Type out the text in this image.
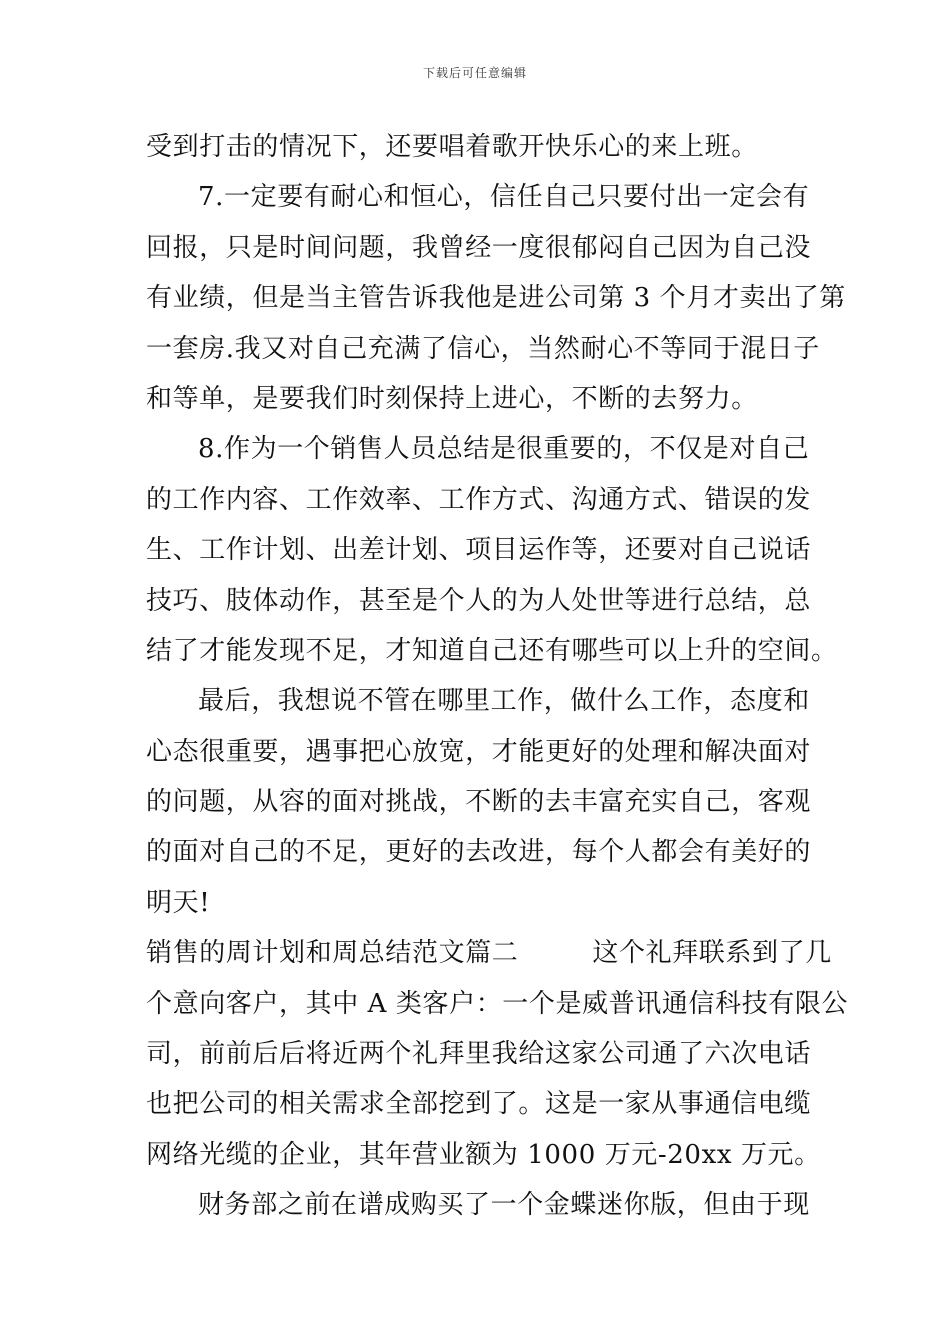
下载后可任意编辑
受到打击的情况下，还要唱着歌开快乐心的来上班。
7.一定要有耐心和恒心，信任自己只要付出一定会有
回报，只是时间问题，我曾经一度很郁闷自己因为自己没
有业绩，但是当主管告诉我他是进公司第 3 个月才卖出了第
一套房.我又对自己充满了信心，当然耐心不等同于混日子
和等单，是要我们时刻保持上进心，不断的去努力。
8.作为一个销售人员总结是很重要的，不仅是对自己
的工作内容、工作效率、工作方式、沟通方式、错误的发
生、工作计划、出差计划、项目运作等，还要对自己说话
技巧、肢体动作，甚至是个人的为人处世等进行总结，总
结了才能发现不足，才知道自己还有哪些可以上升的空间。
最后，我想说不管在哪里工作，做什么工作，态度和
心态很重要，遇事把心放宽，才能更好的处理和解决面对
的问题，从容的面对挑战，不断的去丰富充实自己，客观
的面对自己的不足，更好的去改进，每个人都会有美好的
明天!
销售的周计划和周总结范文篇二	这个礼拜联系到了几
个意向客户，其中 A 类客户：一个是威普讯通信科技有限公
司，前前后后将近两个礼拜里我给这家公司通了六次电话
也把公司的相关需求全部挖到了。这是一家从事通信电缆
网络光缆的企业，其年营业额为 1000 万元-20xx 万元。
财务部之前在谱成购买了一个金蝶迷你版，但由于现
